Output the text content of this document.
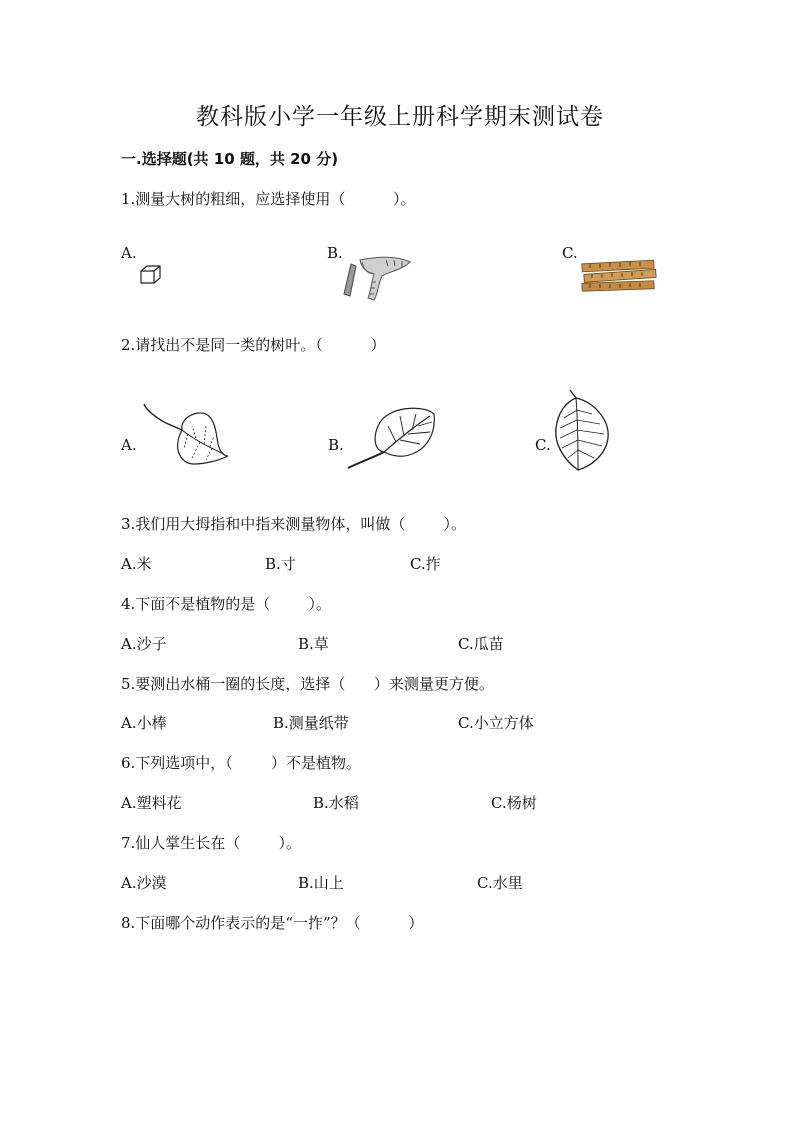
教科版小学一年级上册科学期末测试卷
一.选择题(共 10 题，共 20 分)
1.测量大树的粗细，应选择使用（          ）。
A.	B.	C.
2.请找出不是同一类的树叶。（          ）
A.	B.	C.
3.我们用大拇指和中指来测量物体，叫做（        ）。
A.米	B.寸	C.拃
4.下面不是植物的是（        ）。
A.沙子	B.草	C.瓜苗
5.要测出水桶一圈的长度，选择（      ）来测量更方便。
A.小棒	B.测量纸带	C.小立方体
6.下列选项中，（        ）不是植物。
A.塑料花	B.水稻	C.杨树
7.仙人掌生长在（        ）。
A.沙漠	B.山上	C.水里
8.下面哪个动作表示的是“一拃”？（          ）
